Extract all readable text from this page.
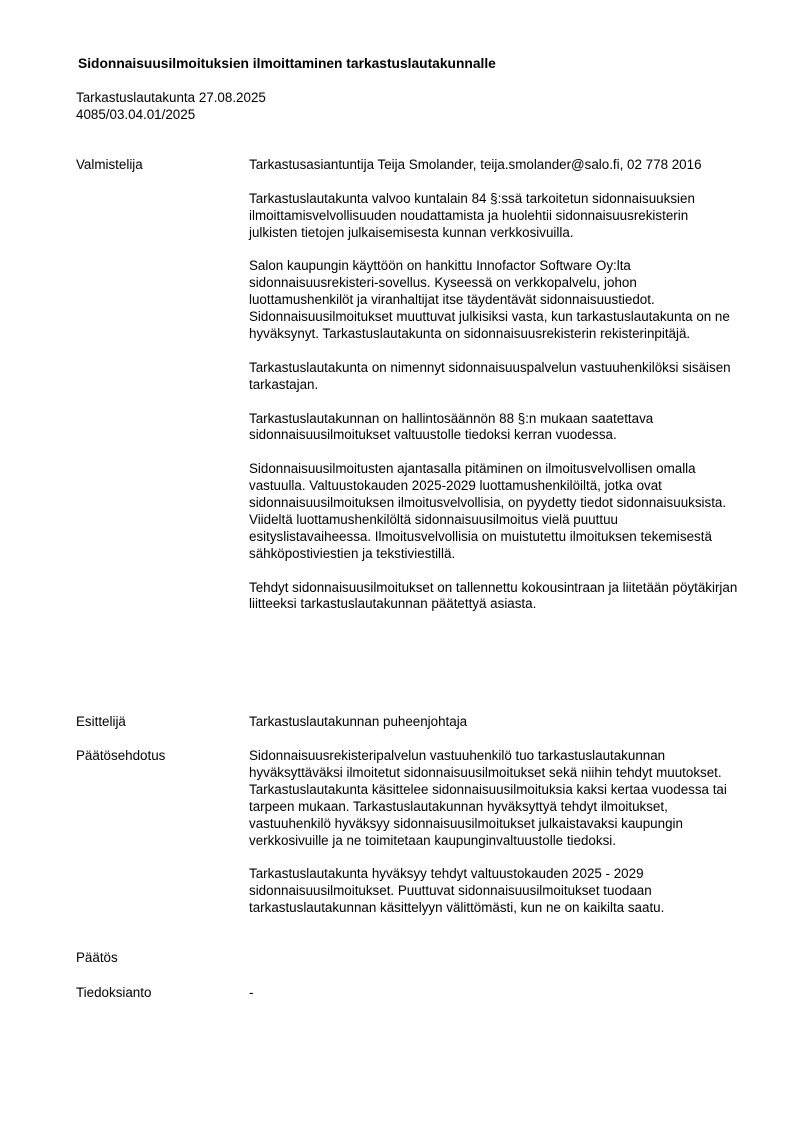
Sidonnaisuusilmoituksien ilmoittaminen tarkastuslautakunnalle
Tarkastuslautakunta 27.08.2025
4085/03.04.01/2025
Valmistelija	Tarkastusasiantuntija Teija Smolander, teija.smolander@salo.fi, 02 778 2016

Tarkastuslautakunta valvoo kuntalain 84 §:ssä tarkoitetun sidonnaisuuksien ilmoittamisvelvollisuuden noudattamista ja huolehtii sidonnaisuusrekisterin julkisten tietojen julkaisemisesta kunnan verkkosivuilla.

Salon kaupungin käyttöön on hankittu Innofactor Software Oy:lta sidonnaisuusrekisteri-sovellus. Kyseessä on verkkopalvelu, johon luottamushenkilöt ja viranhaltijat itse täydentävät sidonnaisuustiedot. Sidonnaisuusilmoitukset muuttuvat julkisiksi vasta, kun tarkastuslautakunta on ne hyväksynyt. Tarkastuslautakunta on sidonnaisuusrekisterin rekisterinpitäjä.

Tarkastuslautakunta on nimennyt sidonnaisuuspalvelun vastuuhenkilöksi sisäisen tarkastajan.

Tarkastuslautakunnan on hallintosäännön 88 §:n mukaan saatettava sidonnaisuusilmoitukset valtuustolle tiedoksi kerran vuodessa.

Sidonnaisuusilmoitusten ajantasalla pitäminen on ilmoitusvelvollisen omalla vastuulla. Valtuustokauden 2025-2029 luottamushenkilöiltä, jotka ovat sidonnaisuusilmoituksen ilmoitusvelvollisia, on pyydetty tiedot sidonnaisuuksista. Viideltä luottamushenkilöltä sidonnaisuusilmoitus vielä puuttuu esityslistavaiheessa. Ilmoitusvelvollisia on muistutettu ilmoituksen tekemisestä sähköpostiviestien ja tekstiviestillä.

Tehdyt sidonnaisuusilmoitukset on tallennettu kokousintraan ja liitetään pöytäkirjan liitteeksi tarkastuslautakunnan päätettyä asiasta.

Esittelijä	Tarkastuslautakunnan puheenjohtaja
Päätösehdotus	Sidonnaisuusrekisteripalvelun vastuuhenkilö tuo tarkastuslautakunnan hyväksyttäväksi ilmoitetut sidonnaisuusilmoitukset sekä niihin tehdyt muutokset. Tarkastuslautakunta käsittelee sidonnaisuusilmoituksia kaksi kertaa vuodessa tai tarpeen mukaan. Tarkastuslautakunnan hyväksyttyä tehdyt ilmoitukset, vastuuhenkilö hyväksyy sidonnaisuusilmoitukset julkaistavaksi kaupungin verkkosivuille ja ne toimitetaan kaupunginvaltuustolle tiedoksi.

Tarkastuslautakunta hyväksyy tehdyt valtuustokauden 2025 - 2029 sidonnaisuusilmoitukset. Puuttuvat sidonnaisuusilmoitukset tuodaan tarkastuslautakunnan käsittelyyn välittömästi, kun ne on kaikilta saatu.

Päätös
Tiedoksianto	-
